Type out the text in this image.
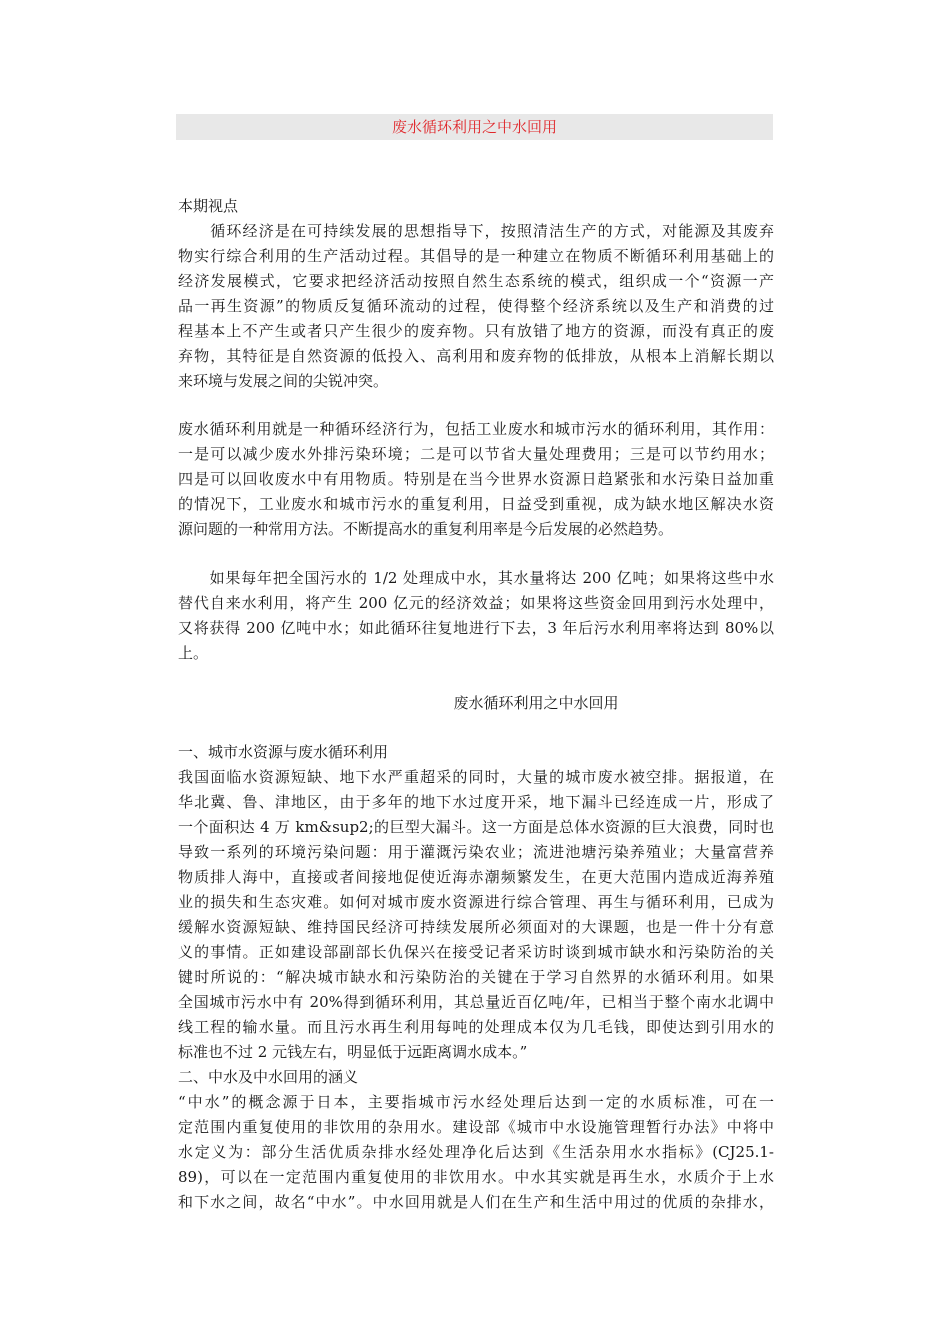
废水循环利用之中水回用
本期视点
　　循环经济是在可持续发展的思想指导下，按照清洁生产的方式，对能源及其废弃
物实行综合利用的生产活动过程。其倡导的是一种建立在物质不断循环利用基础上的
经济发展模式，它要求把经济活动按照自然生态系统的模式，组织成一个“资源一产
品一再生资源”的物质反复循环流动的过程，使得整个经济系统以及生产和消费的过
程基本上不产生或者只产生很少的废弃物。只有放错了地方的资源，而没有真正的废
弃物，其特征是自然资源的低投入、高利用和废弃物的低排放，从根本上消解长期以
来环境与发展之间的尖锐冲突。
废水循环利用就是一种循环经济行为，包括工业废水和城市污水的循环利用，其作用：
一是可以减少废水外排污染环境；二是可以节省大量处理费用；三是可以节约用水；
四是可以回收废水中有用物质。特别是在当今世界水资源日趋紧张和水污染日益加重
的情况下，工业废水和城市污水的重复利用，日益受到重视，成为缺水地区解决水资
源问题的一种常用方法。不断提高水的重复利用率是今后发展的必然趋势。
　　如果每年把全国污水的 1/2 处理成中水，其水量将达 200 亿吨；如果将这些中水
替代自来水利用，将产生 200 亿元的经济效益；如果将这些资金回用到污水处理中，
又将获得 200 亿吨中水；如此循环往复地进行下去，3 年后污水利用率将达到 80%以
上。
废水循环利用之中水回用
一、城市水资源与废水循环利用
我国面临水资源短缺、地下水严重超采的同时，大量的城市废水被空排。据报道，在
华北冀、鲁、津地区，由于多年的地下水过度开采，地下漏斗已经连成一片，形成了
一个面积达 4 万 km&sup2;的巨型大漏斗。这一方面是总体水资源的巨大浪费，同时也
导致一系列的环境污染问题：用于灌溉污染农业；流进池塘污染养殖业；大量富营养
物质排人海中，直接或者间接地促使近海赤潮频繁发生，在更大范围内造成近海养殖
业的损失和生态灾难。如何对城市废水资源进行综合管理、再生与循环利用，已成为
缓解水资源短缺、维持国民经济可持续发展所必须面对的大课题，也是一件十分有意
义的事情。正如建设部副部长仇保兴在接受记者采访时谈到城市缺水和污染防治的关
键时所说的：“解决城市缺水和污染防治的关键在于学习自然界的水循环利用。如果
全国城市污水中有 20%得到循环利用，其总量近百亿吨/年，已相当于整个南水北调中
线工程的输水量。而且污水再生利用每吨的处理成本仅为几毛钱，即使达到引用水的
标准也不过 2 元钱左右，明显低于远距离调水成本。”
二、中水及中水回用的涵义
“中水”的概念源于日本，主要指城市污水经处理后达到一定的水质标准，可在一
定范围内重复使用的非饮用的杂用水。建设部《城市中水设施管理暂行办法》中将中
水定义为：部分生活优质杂排水经处理净化后达到《生活杂用水水指标》(CJ25.1-
89)，可以在一定范围内重复使用的非饮用水。中水其实就是再生水，水质介于上水
和下水之间，故名“中水”。中水回用就是人们在生产和生活中用过的优质的杂排水，
